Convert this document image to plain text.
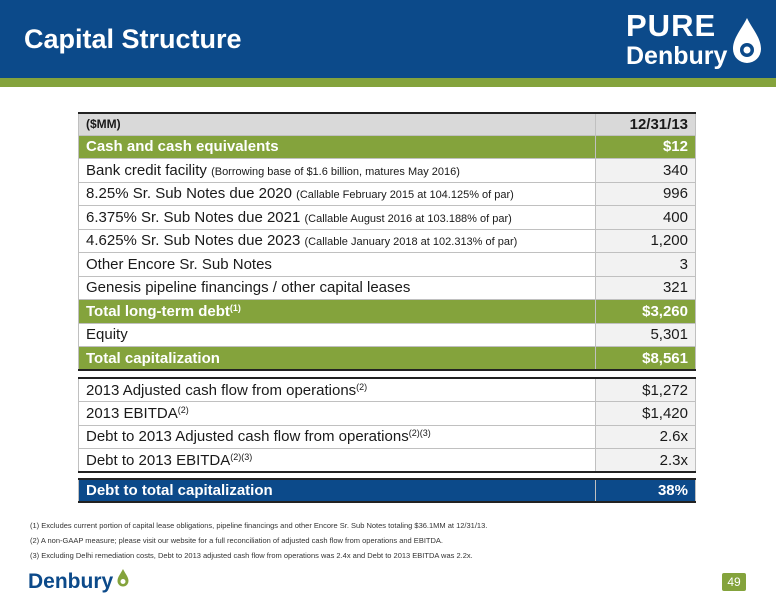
Capital Structure	PURE
Denbury
($MM)	12/31/13
Cash and cash equivalents	$12
Bank credit facility (Borrowing base of $1.6 billion, matures May 2016)	340
8.25% Sr. Sub Notes due 2020 (Callable February 2015 at 104.125% of par)	996
6.375% Sr. Sub Notes due 2021 (Callable August 2016 at 103.188% of par)	400
4.625% Sr. Sub Notes due 2023 (Callable January 2018 at 102.313% of par)	1,200
Other Encore Sr. Sub Notes	3
Genesis pipeline financings / other capital leases	321
Total long-term debt$^{(1)}$	$3,260
Equity	5,301
Total capitalization	$8,561
2013 Adjusted cash flow from operations$^{(2)}$	$1,272
2013 EBITDA$^{(2)}$	$1,420
Debt to 2013 Adjusted cash flow from operations$^{(2)(3)}$	2.6x
Debt to 2013 $EBITDA^{(2)(3)}$	2.3x
Debt to total capitalization	38%
(1) Excludes current portion of capital lease obligations, pipeline financings and other Encore Sr. Sub Notes totaling $36.1MM at 12/31/13.
(2) A non-GAAP measure; please visit our website for a full reconciliation of adjusted cash flow from operations and EBITDA.
(3) Excluding Delhi remediation costs, Debt to 2013 adjusted cash flow from operations was 2.4x and Debt to 2013 EBITDA was 2.2x.
Denbury	49
